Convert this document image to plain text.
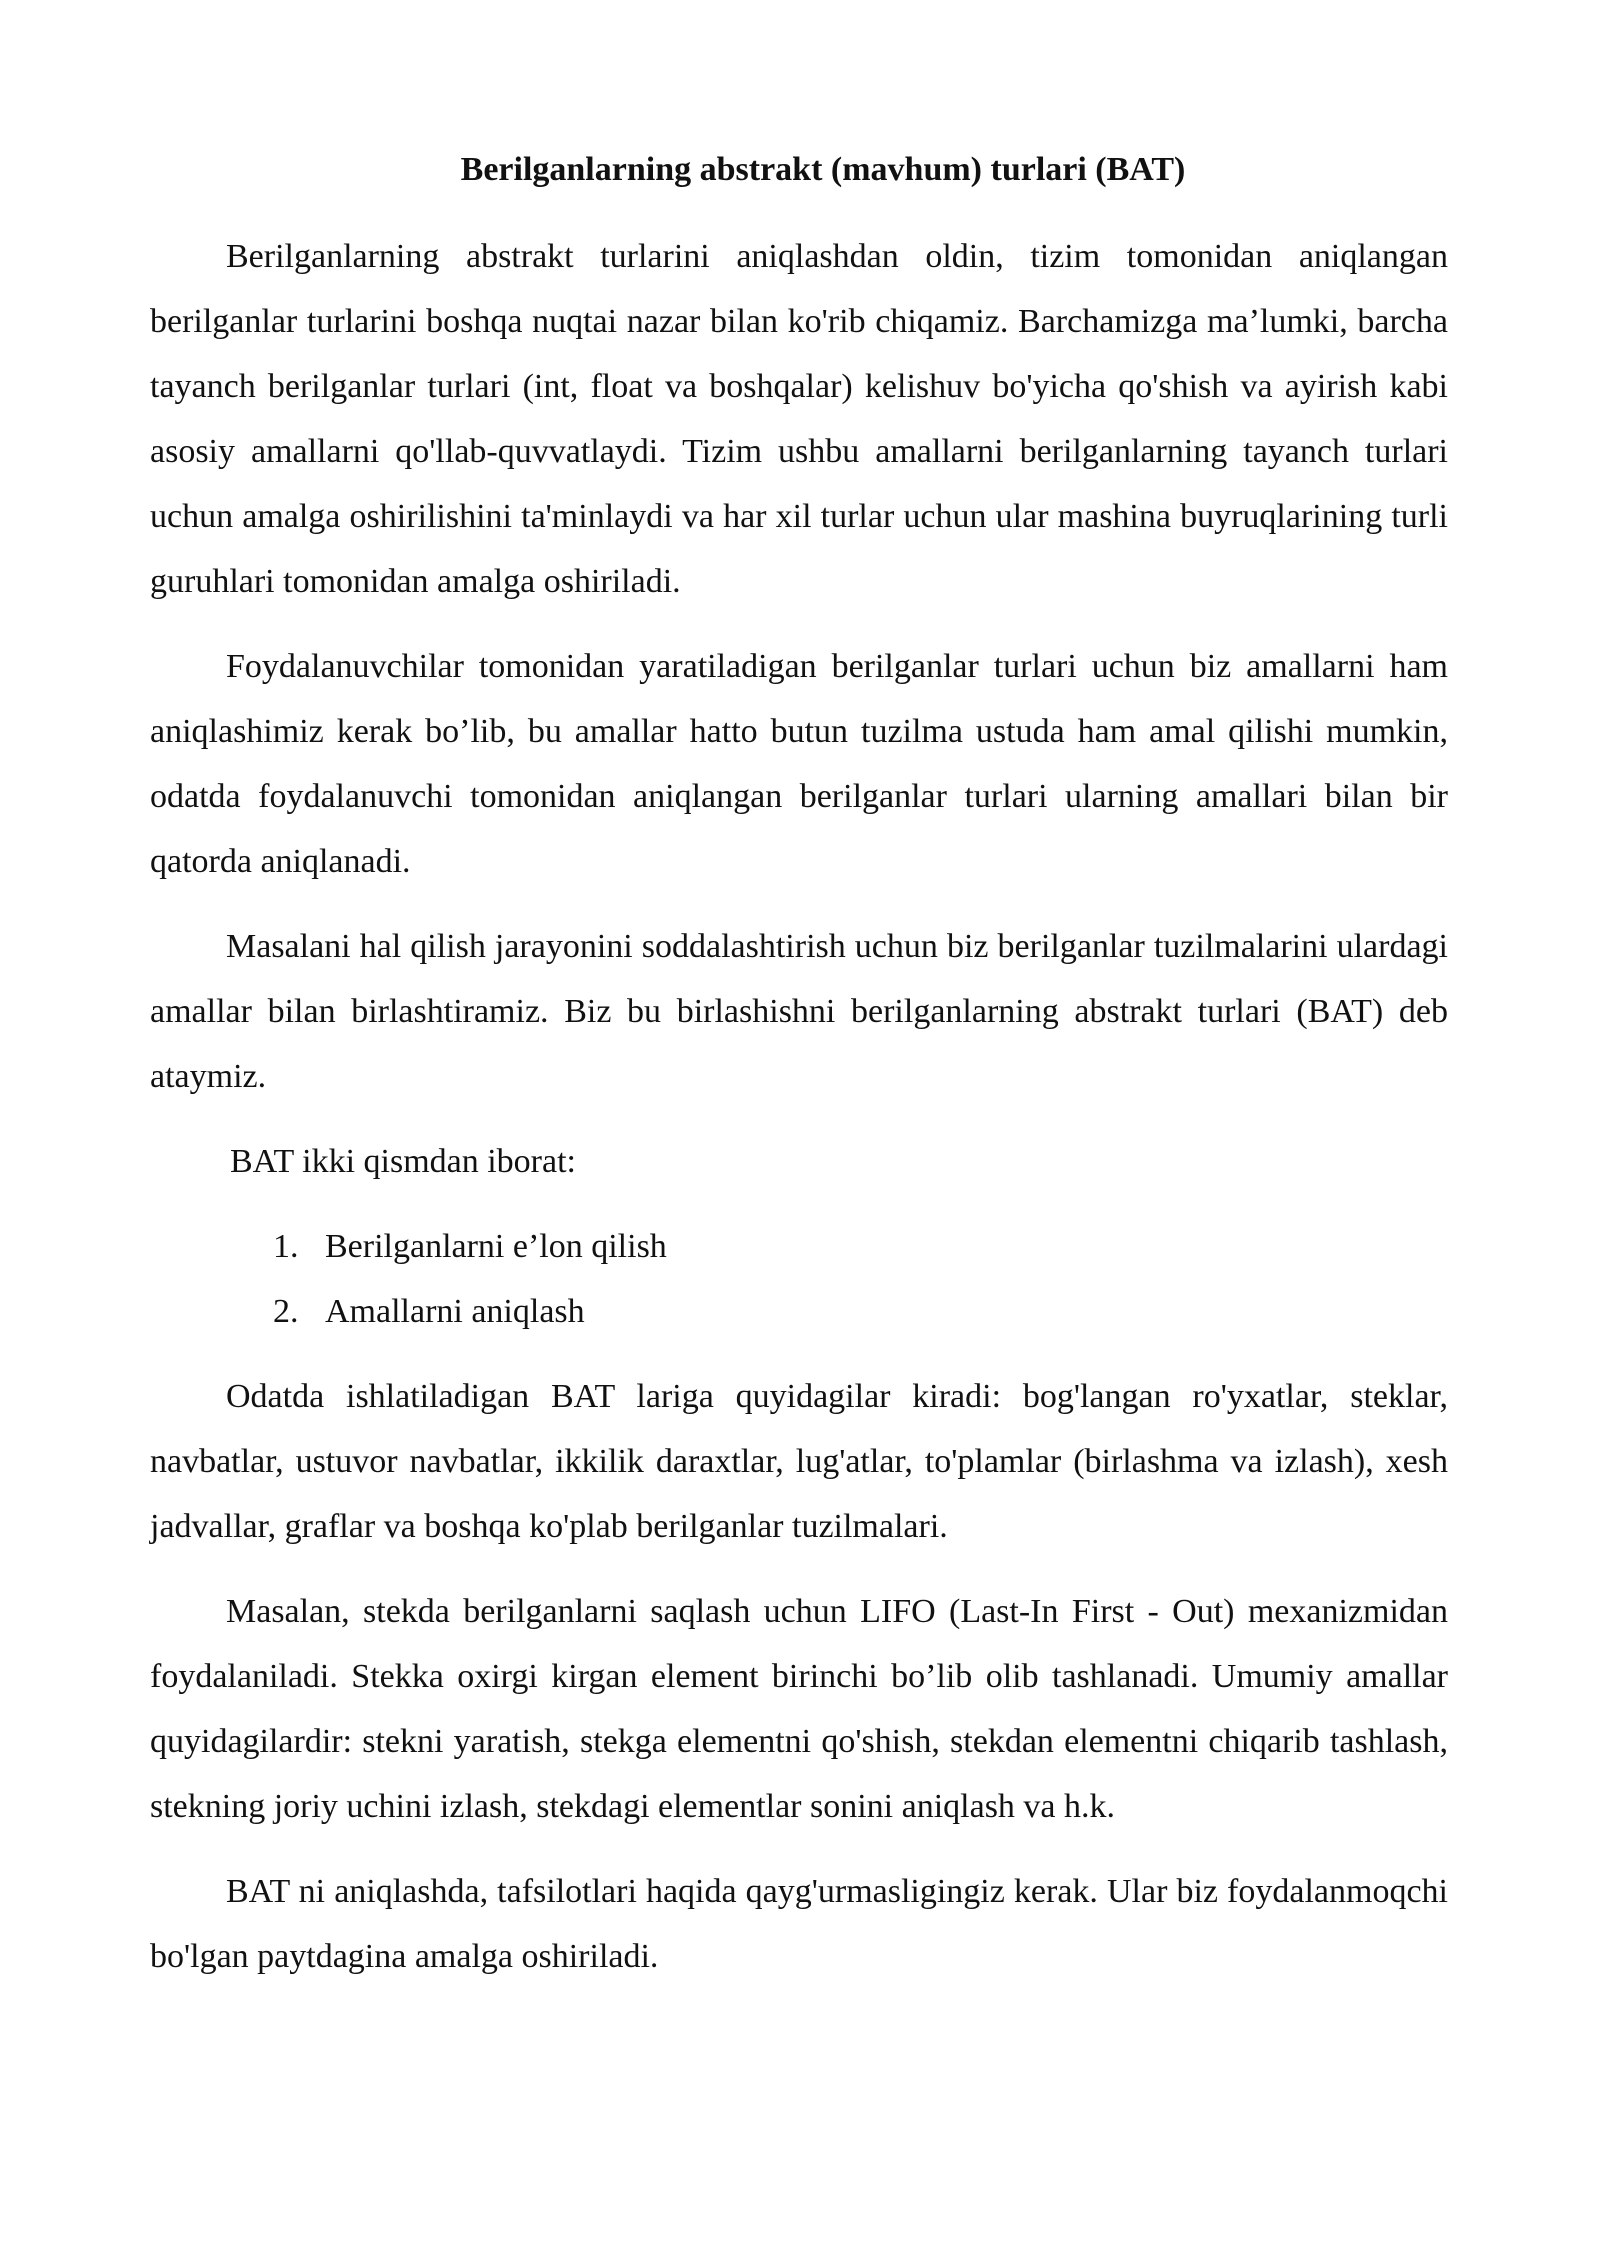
Berilganlarning abstrakt (mavhum) turlari (BAT)

Berilganlarning abstrakt turlarini aniqlashdan oldin, tizim tomonidan aniqlangan berilganlar turlarini boshqa nuqtai nazar bilan ko'rib chiqamiz. Barchamizga ma’lumki, barcha tayanch berilganlar turlari (int, float va boshqalar) kelishuv bo'yicha qo'shish va ayirish kabi asosiy amallarni qo'llab-quvvatlaydi. Tizim ushbu amallarni berilganlarning tayanch turlari uchun amalga oshirilishini ta'minlaydi va har xil turlar uchun ular mashina buyruqlarining turli guruhlari tomonidan amalga oshiriladi.

Foydalanuvchilar tomonidan yaratiladigan berilganlar turlari uchun biz amallarni ham aniqlashimiz kerak bo’lib, bu amallar hatto butun tuzilma ustuda ham amal qilishi mumkin, odatda foydalanuvchi tomonidan aniqlangan berilganlar turlari ularning amallari bilan bir qatorda aniqlanadi.

Masalani hal qilish jarayonini soddalashtirish uchun biz berilganlar tuzilmalarini ulardagi amallar bilan birlashtiramiz. Biz bu birlashishni berilganlarning abstrakt turlari (BAT) deb ataymiz.

BAT ikki qismdan iborat:

1. Berilganlarni e’lon qilish
2. Amallarni aniqlash

Odatda ishlatiladigan BAT lariga quyidagilar kiradi: bog'langan ro'yxatlar, steklar, navbatlar, ustuvor navbatlar, ikkilik daraxtlar, lug'atlar, to'plamlar (birlashma va izlash), xesh jadvallar, graflar va boshqa ko'plab berilganlar tuzilmalari.

Masalan, stekda berilganlarni saqlash uchun LIFO (Last-In First - Out) mexanizmidan foydalaniladi. Stekka oxirgi kirgan element birinchi bo’lib olib tashlanadi. Umumiy amallar quyidagilardir: stekni yaratish, stekga elementni qo'shish, stekdan elementni chiqarib tashlash, stekning joriy uchini izlash, stekdagi elementlar sonini aniqlash va h.k.

BAT ni aniqlashda, tafsilotlari haqida qayg'urmasligingiz kerak. Ular biz foydalanmoqchi bo'lgan paytdagina amalga oshiriladi.
